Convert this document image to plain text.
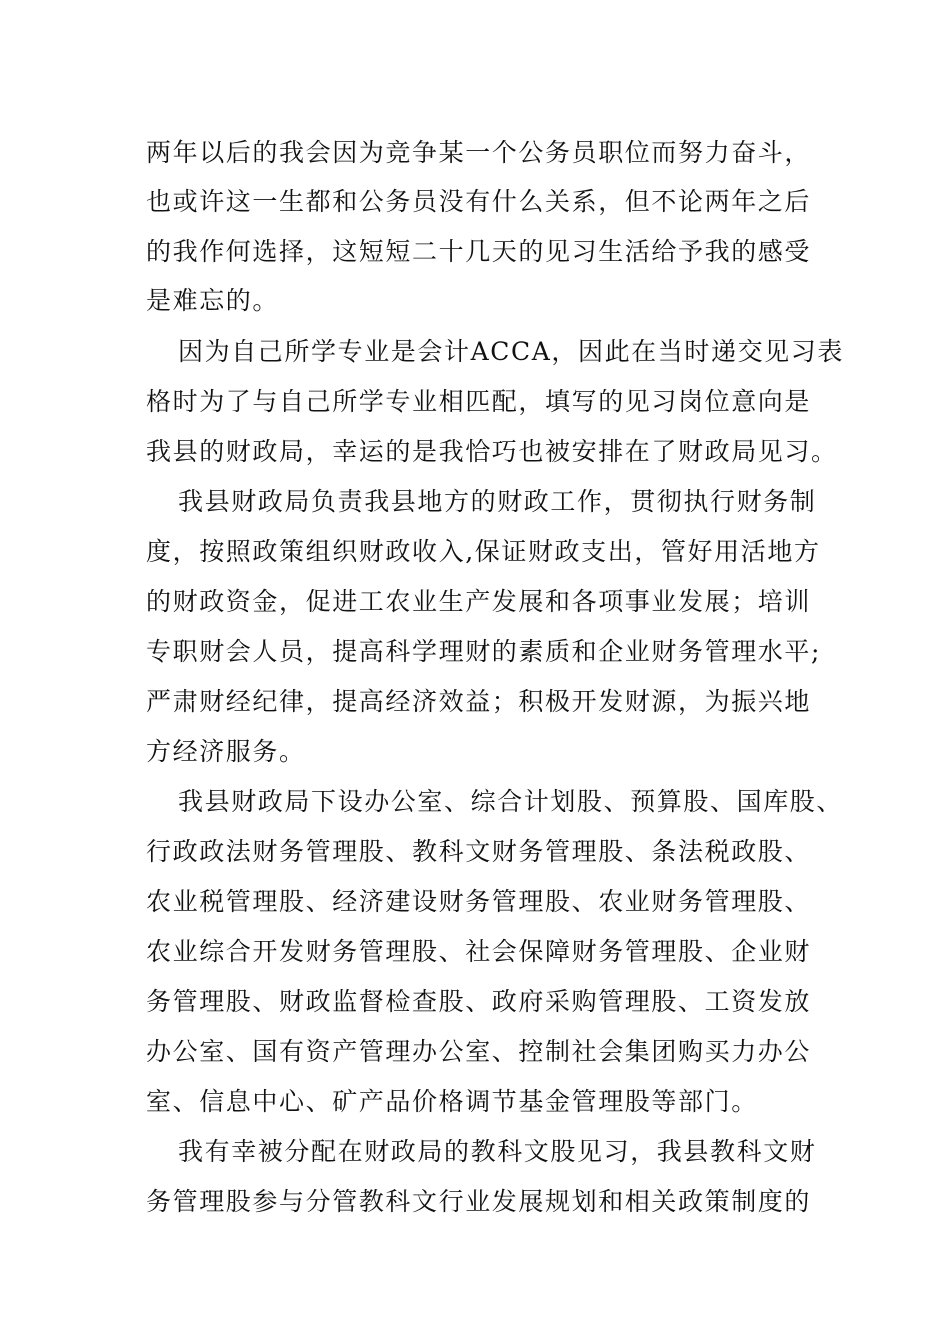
两年以后的我会因为竞争某一个公务员职位而努力奋斗，
也或许这一生都和公务员没有什么关系，但不论两年之后
的我作何选择，这短短二十几天的见习生活给予我的感受
是难忘的。
因为自己所学专业是会计ACCA，因此在当时递交见习表
格时为了与自己所学专业相匹配，填写的见习岗位意向是
我县的财政局，幸运的是我恰巧也被安排在了财政局见习。
我县财政局负责我县地方的财政工作，贯彻执行财务制
度，按照政策组织财政收入,保证财政支出，管好用活地方
的财政资金，促进工农业生产发展和各项事业发展；培训
专职财会人员，提高科学理财的素质和企业财务管理水平;
严肃财经纪律，提高经济效益；积极开发财源，为振兴地
方经济服务。
我县财政局下设办公室、综合计划股、预算股、国库股、
行政政法财务管理股、教科文财务管理股、条法税政股、
农业税管理股、经济建设财务管理股、农业财务管理股、
农业综合开发财务管理股、社会保障财务管理股、企业财
务管理股、财政监督检查股、政府采购管理股、工资发放
办公室、国有资产管理办公室、控制社会集团购买力办公
室、信息中心、矿产品价格调节基金管理股等部门。
我有幸被分配在财政局的教科文股见习，我县教科文财
务管理股参与分管教科文行业发展规划和相关政策制度的
